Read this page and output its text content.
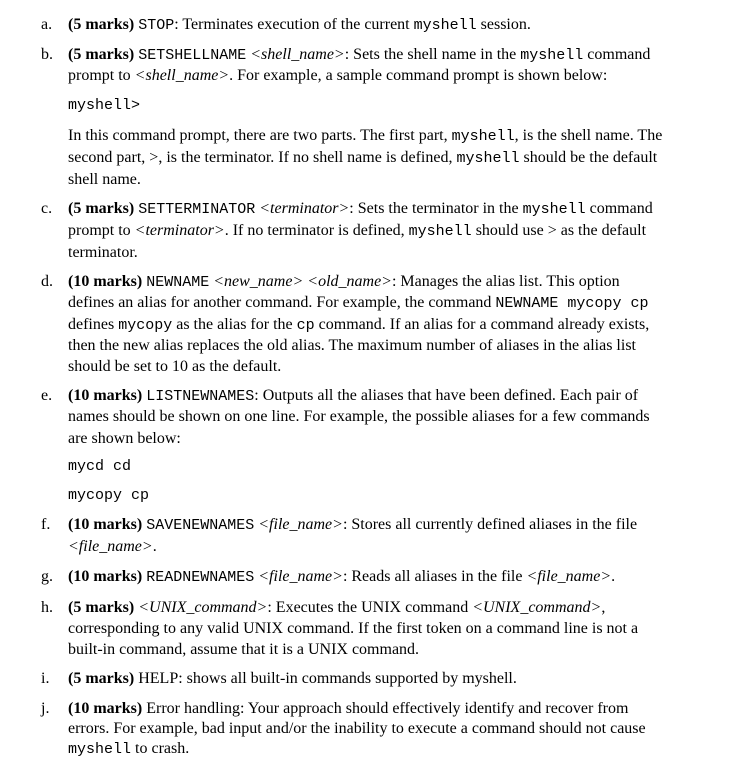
a. (5 marks) STOP: Terminates execution of the current myshell session.
b. (5 marks) SETSHELLNAME <shell_name>: Sets the shell name in the myshell command
prompt to <shell_name>. For example, a sample command prompt is shown below:
myshell>
In this command prompt, there are two parts. The first part, myshell, is the shell name. The
second part, >, is the terminator. If no shell name is defined, myshell should be the default
shell name.
c. (5 marks) SETTERMINATOR <terminator>: Sets the terminator in the myshell command
prompt to <terminator>. If no terminator is defined, myshell should use > as the default
terminator.
d. (10 marks) NEWNAME <new_name> <old_name>: Manages the alias list. This option
defines an alias for another command. For example, the command NEWNAME mycopy cp
defines mycopy as the alias for the cp command. If an alias for a command already exists,
then the new alias replaces the old alias. The maximum number of aliases in the alias list
should be set to 10 as the default.
e. (10 marks) LISTNEWNAMES: Outputs all the aliases that have been defined. Each pair of
names should be shown on one line. For example, the possible aliases for a few commands
are shown below:
mycd cd
mycopy cp
f. (10 marks) SAVENEWNAMES <file_name>: Stores all currently defined aliases in the file
<file_name>.
g. (10 marks) READNEWNAMES <file_name>: Reads all aliases in the file <file_name>.
h. (5 marks) <UNIX_command>: Executes the UNIX command <UNIX_command>,
corresponding to any valid UNIX command. If the first token on a command line is not a
built-in command, assume that it is a UNIX command.
i. (5 marks) HELP: shows all built-in commands supported by myshell.
j. (10 marks) Error handling: Your approach should effectively identify and recover from
errors. For example, bad input and/or the inability to execute a command should not cause
myshell to crash.
